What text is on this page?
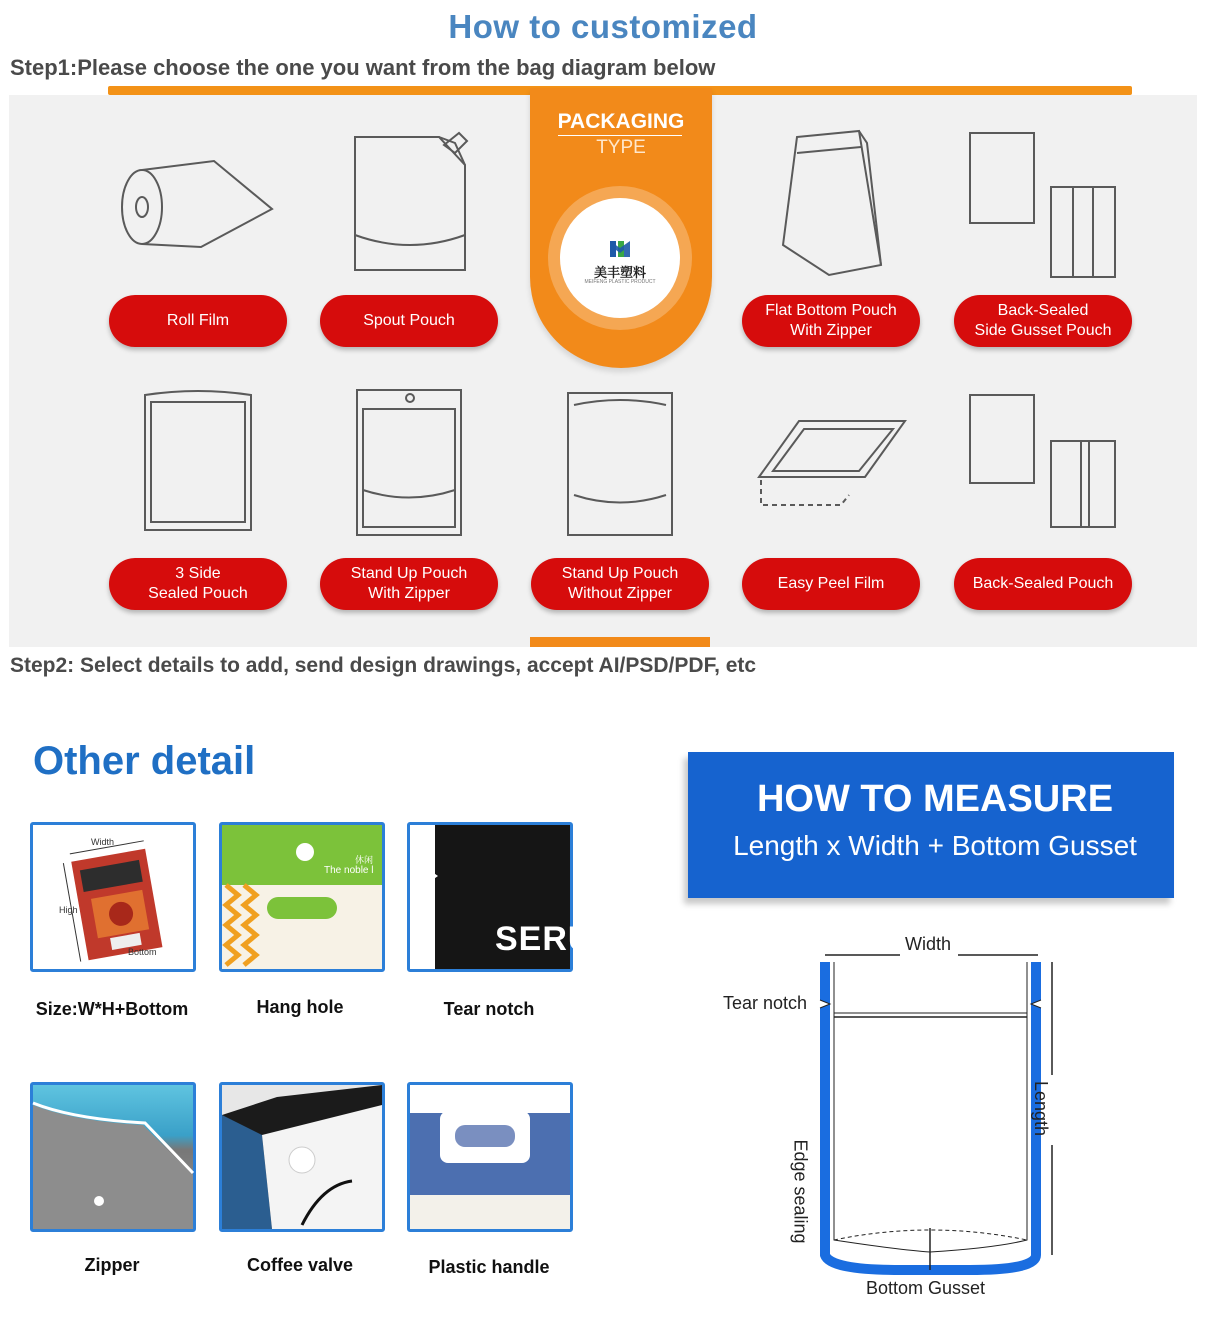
How to customized
Step1:Please choose the one you want from the bag diagram below
PACKAGING
TYPE
美丰塑料
MEIFENG PLASTIC PRODUCT
Roll Film	Spout Pouch
Flat Bottom Pouch
With Zipper
Back-Sealed
Side Gusset Pouch
3 Side
Sealed Pouch
Stand Up Pouch
With Zipper
Stand Up Pouch
Without Zipper
Easy Peel Film	Back-Sealed Pouch
Step2: Select details to add, send design drawings, accept AI/PSD/PDF, etc
Other detail
Width
High
Bottom
Size:W*H+Bottom
休闲
The noble l
Hang hole
SERU
Tear notch
Zipper	Coffee valve	Plastic handle
HOW TO MEASURE
Length x Width + Bottom Gusset
Width
Tear notch
Length
Edge sealing
Bottom Gusset
